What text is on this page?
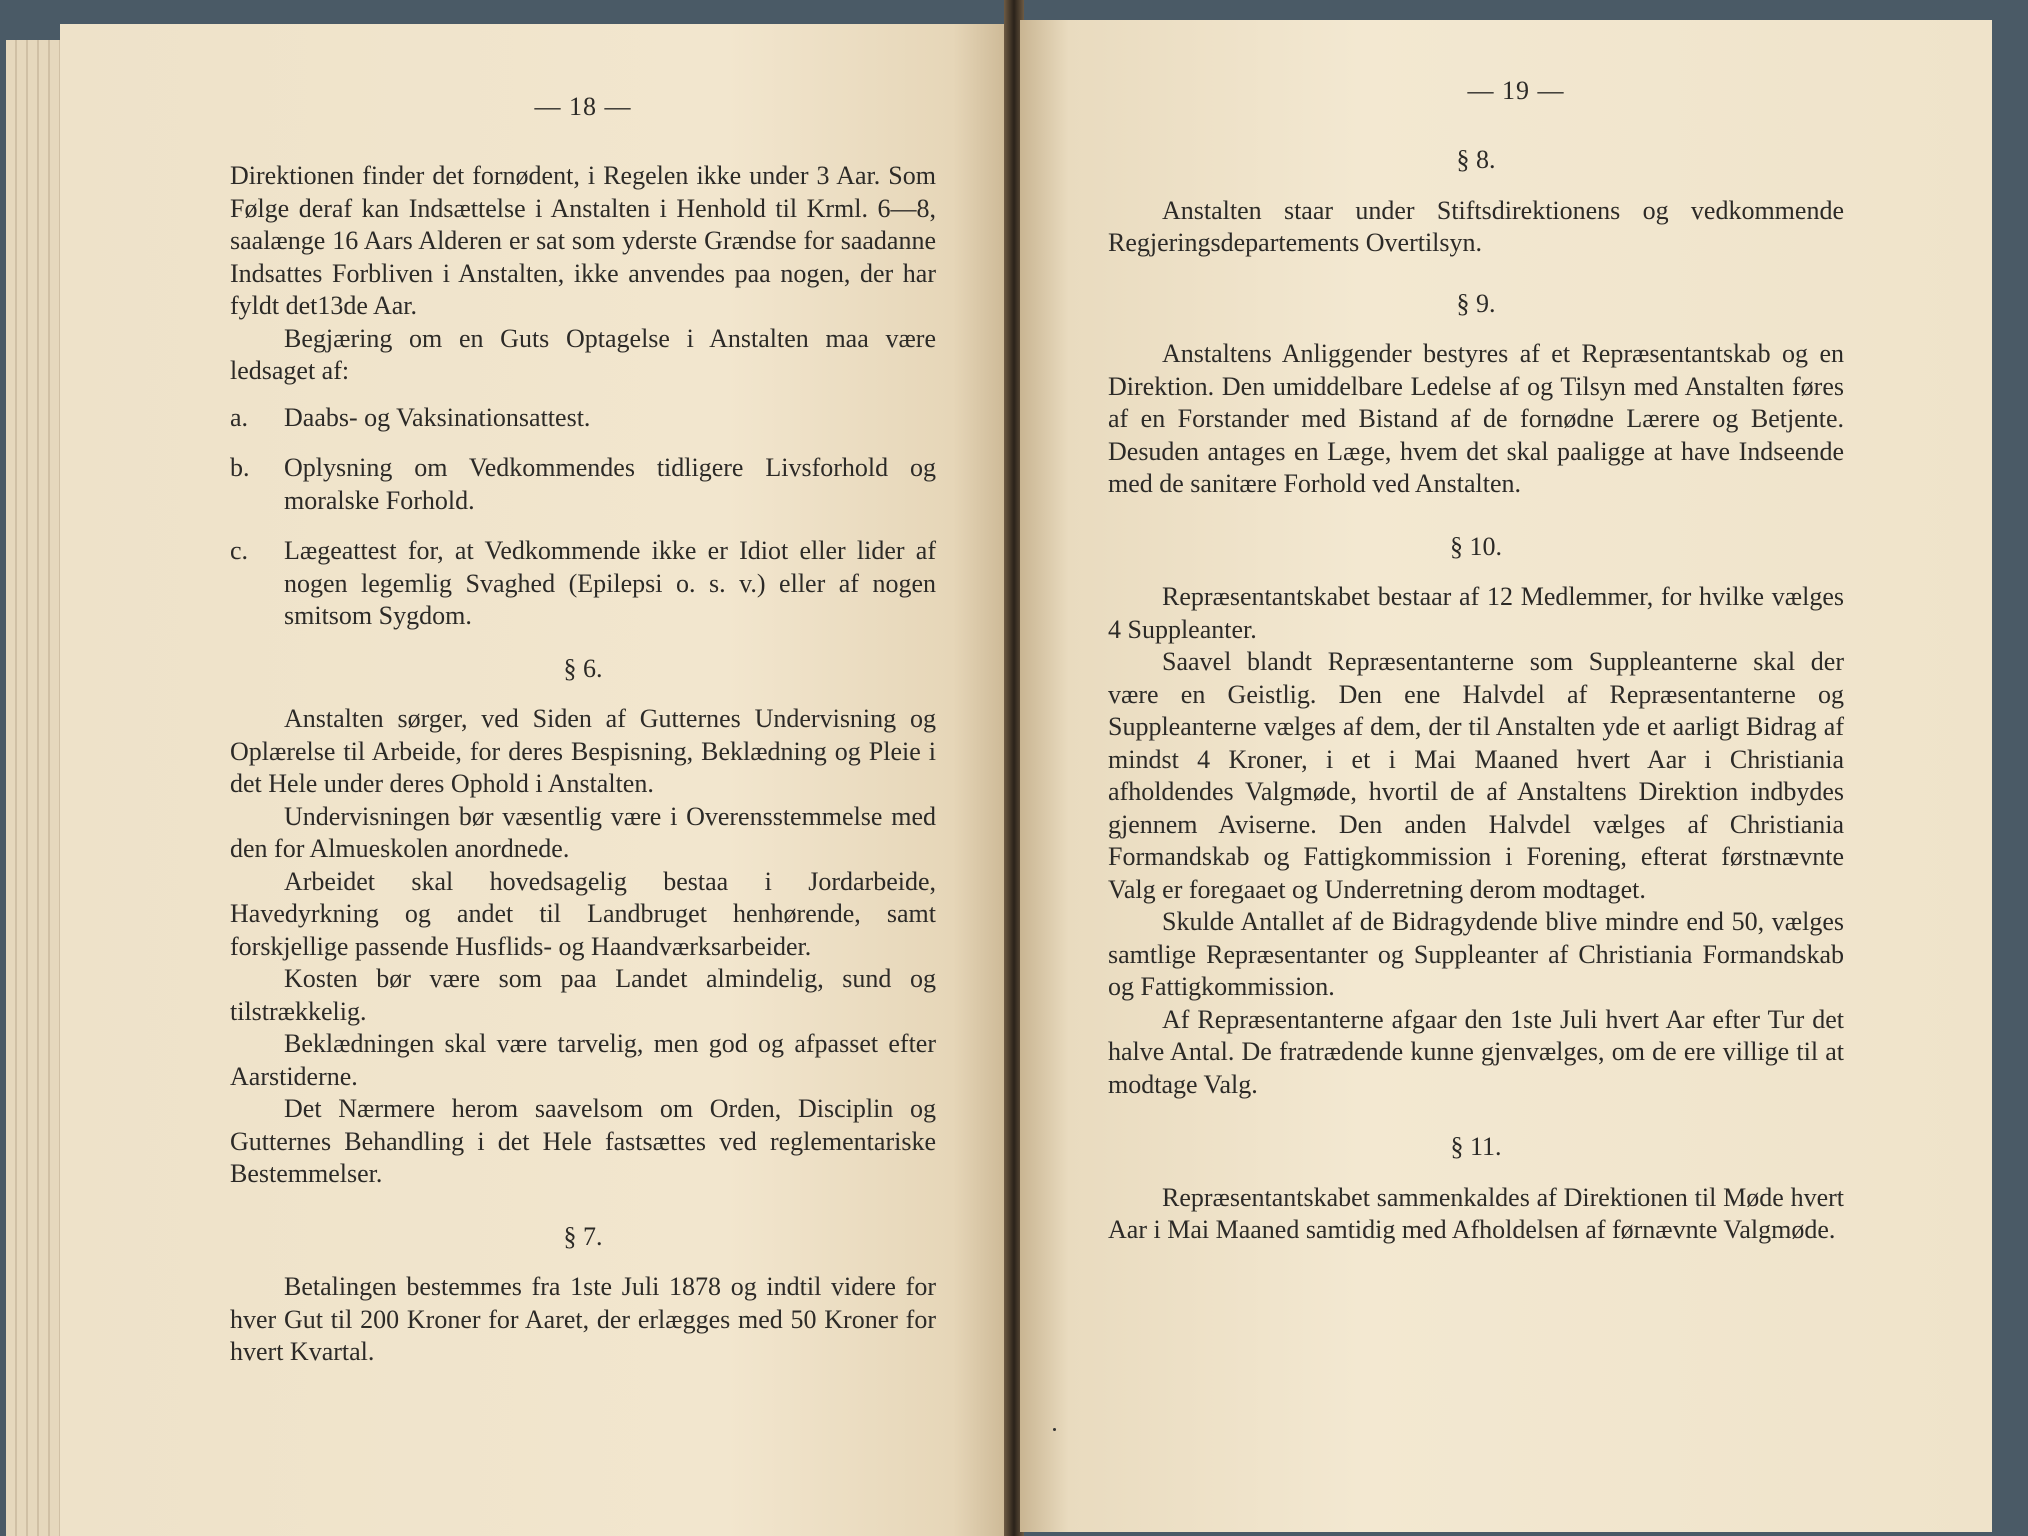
— 18 —

Direktionen finder det fornødent, i Regelen ikke under 3 Aar. Som Følge deraf kan Indsættelse i Anstalten i Henhold til Krml. 6—8, saalænge 16 Aars Alderen er sat som yderste Grændse for saadanne Indsattes Forbliven i Anstalten, ikke anvendes paa nogen, der har fyldt det13de Aar.

Begjæring om en Guts Optagelse i Anstalten maa være ledsaget af:

a.	Daabs- og Vaksinationsattest.
b.	Oplysning om Vedkommendes tidligere Livsforhold og moralske Forhold.
c.	Lægeattest for, at Vedkommende ikke er Idiot eller lider af nogen legemlig Svaghed (Epilepsi o. s. v.) eller af nogen smitsom Sygdom.
§ 6.

Anstalten sørger, ved Siden af Gutternes Undervisning og Oplærelse til Arbeide, for deres Bespisning, Beklædning og Pleie i det Hele under deres Ophold i Anstalten.

Undervisningen bør væsentlig være i Overensstemmelse med den for Almueskolen anordnede.

Arbeidet skal hovedsagelig bestaa i Jordarbeide, Havedyrkning og andet til Landbruget henhørende, samt forskjellige passende Husflids- og Haandværksarbeider.

Kosten bør være som paa Landet almindelig, sund og tilstrækkelig.

Beklædningen skal være tarvelig, men god og afpasset efter Aarstiderne.

Det Nærmere herom saavelsom om Orden, Disciplin og Gutternes Behandling i det Hele fastsættes ved reglementariske Bestemmelser.

§ 7.

Betalingen bestemmes fra 1ste Juli 1878 og indtil videre for hver Gut til 200 Kroner for Aaret, der erlægges med 50 Kroner for hvert Kvartal.

— 19 —
§ 8.

Anstalten staar under Stiftsdirektionens og vedkommende Regjeringsdepartements Overtilsyn.

§ 9.

Anstaltens Anliggender bestyres af et Repræsentantskab og en Direktion. Den umiddelbare Ledelse af og Tilsyn med Anstalten føres af en Forstander med Bistand af de fornødne Lærere og Betjente. Desuden antages en Læge, hvem det skal paaligge at have Indseende med de sanitære Forhold ved Anstalten.

§ 10.

Repræsentantskabet bestaar af 12 Medlemmer, for hvilke vælges 4 Suppleanter.

Saavel blandt Repræsentanterne som Suppleanterne skal der være en Geistlig. Den ene Halvdel af Repræsentanterne og Suppleanterne vælges af dem, der til Anstalten yde et aarligt Bidrag af mindst 4 Kroner, i et i Mai Maaned hvert Aar i Christiania afholdendes Valgmøde, hvortil de af Anstaltens Direktion indbydes gjennem Aviserne. Den anden Halvdel vælges af Christiania Formandskab og Fattigkommission i Forening, efterat førstnævnte Valg er foregaaet og Underretning derom modtaget.

Skulde Antallet af de Bidragydende blive mindre end 50, vælges samtlige Repræsentanter og Suppleanter af Christiania Formandskab og Fattigkommission.

Af Repræsentanterne afgaar den 1ste Juli hvert Aar efter Tur det halve Antal. De fratrædende kunne gjenvælges, om de ere villige til at modtage Valg.

§ 11.

Repræsentantskabet sammenkaldes af Direktionen til Møde hvert Aar i Mai Maaned samtidig med Afholdelsen af førnævnte Valgmøde.
